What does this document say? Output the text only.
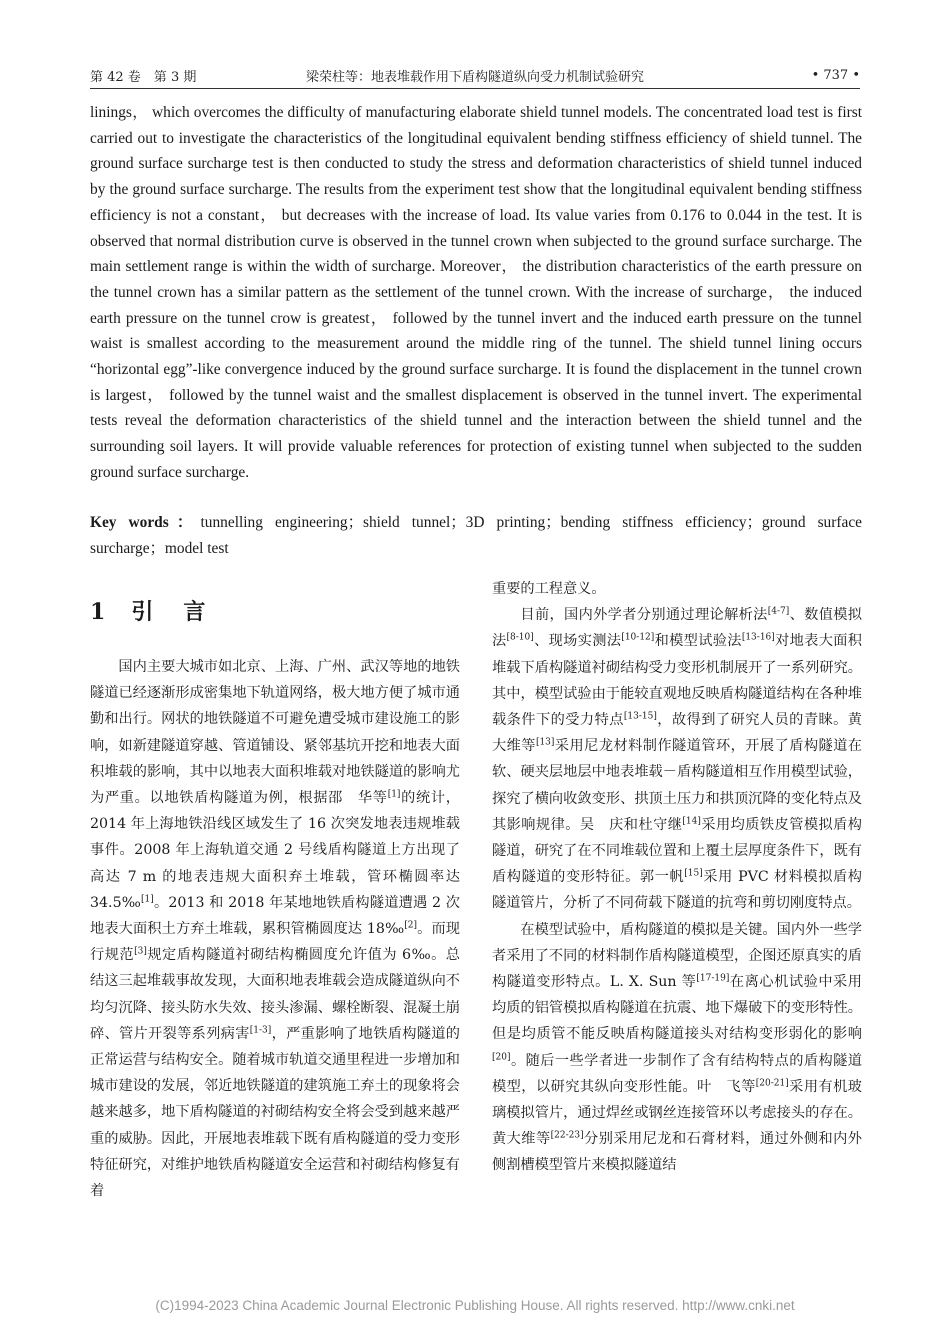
第 42 卷　第 3 期	梁荣柱等：地表堆载作用下盾构隧道纵向受力机制试验研究	• 737 •

linings， which overcomes the difficulty of manufacturing elaborate shield tunnel models. The concentrated load test is first carried out to investigate the characteristics of the longitudinal equivalent bending stiffness efficiency of shield tunnel. The ground surface surcharge test is then conducted to study the stress and deformation characteristics of shield tunnel induced by the ground surface surcharge. The results from the experiment test show that the longitudinal equivalent bending stiffness efficiency is not a constant， but decreases with the increase of load. Its value varies from 0.176 to 0.044 in the test. It is observed that normal distribution curve is observed in the tunnel crown when subjected to the ground surface surcharge. The main settlement range is within the width of surcharge. Moreover， the distribution characteristics of the earth pressure on the tunnel crown has a similar pattern as the settlement of the tunnel crown. With the increase of surcharge， the induced earth pressure on the tunnel crow is greatest， followed by the tunnel invert and the induced earth pressure on the tunnel waist is smallest according to the measurement around the middle ring of the tunnel. The shield tunnel lining occurs “horizontal egg”-like convergence induced by the ground surface surcharge. It is found the displacement in the tunnel crown is largest， followed by the tunnel waist and the smallest displacement is observed in the tunnel invert. The experimental tests reveal the deformation characteristics of the shield tunnel and the interaction between the shield tunnel and the surrounding soil layers. It will provide valuable references for protection of existing tunnel when subjected to the sudden ground surface surcharge.

Key words：tunnelling engineering；shield tunnel；3D printing；bending stiffness efficiency；ground surface surcharge；model test

1 引　言

国内主要大城市如北京、上海、广州、武汉等地的地铁隧道已经逐渐形成密集地下轨道网络，极大地方便了城市通勤和出行。网状的地铁隧道不可避免遭受城市建设施工的影响，如新建隧道穿越、管道铺设、紧邻基坑开挖和地表大面积堆载的影响，其中以地表大面积堆载对地铁隧道的影响尤为严重。以地铁盾构隧道为例，根据邵　华等[1]的统计，2014 年上海地铁沿线区域发生了 16 次突发地表违规堆载事件。2008 年上海轨道交通 2 号线盾构隧道上方出现了高达 7 m 的地表违规大面积弃土堆载，管环椭圆率达 34.5‰[1]。2013 和 2018 年某地地铁盾构隧道遭遇 2 次地表大面积土方弃土堆载，累积管椭圆度达 18‰[2]。而现行规范[3]规定盾构隧道衬砌结构椭圆度允许值为 6‰。总结这三起堆载事故发现，大面积地表堆载会造成隧道纵向不均匀沉降、接头防水失效、接头渗漏、螺栓断裂、混凝土崩碎、管片开裂等系列病害[1-3]，严重影响了地铁盾构隧道的正常运营与结构安全。随着城市轨道交通里程进一步增加和城市建设的发展，邻近地铁隧道的建筑施工弃土的现象将会越来越多，地下盾构隧道的衬砌结构安全将会受到越来越严重的威胁。因此，开展地表堆载下既有盾构隧道的受力变形特征研究，对维护地铁盾构隧道安全运营和衬砌结构修复有着

重要的工程意义。

目前，国内外学者分别通过理论解析法[4-7]、数值模拟法[8-10]、现场实测法[10-12]和模型试验法[13-16]对地表大面积堆载下盾构隧道衬砌结构受力变形机制展开了一系列研究。其中，模型试验由于能较直观地反映盾构隧道结构在各种堆载条件下的受力特点[13-15]，故得到了研究人员的青睐。黄大维等[13]采用尼龙材料制作隧道管环，开展了盾构隧道在软、硬夹层地层中地表堆载－盾构隧道相互作用模型试验，探究了横向收敛变形、拱顶土压力和拱顶沉降的变化特点及其影响规律。吴　庆和杜守继[14]采用均质铁皮管模拟盾构隧道，研究了在不同堆载位置和上覆土层厚度条件下，既有盾构隧道的变形特征。郭一帆[15]采用 PVC 材料模拟盾构隧道管片，分析了不同荷载下隧道的抗弯和剪切刚度特点。

在模型试验中，盾构隧道的模拟是关键。国内外一些学者采用了不同的材料制作盾构隧道模型，企图还原真实的盾构隧道变形特点。L. X. Sun 等[17-19]在离心机试验中采用均质的铝管模拟盾构隧道在抗震、地下爆破下的变形特性。但是均质管不能反映盾构隧道接头对结构变形弱化的影响[20]。随后一些学者进一步制作了含有结构特点的盾构隧道模型，以研究其纵向变形性能。叶　飞等[20-21]采用有机玻璃模拟管片，通过焊丝或钢丝连接管环以考虑接头的存在。黄大维等[22-23]分别采用尼龙和石膏材料，通过外侧和内外侧割槽模型管片来模拟隧道结

(C)1994-2023 China Academic Journal Electronic Publishing House. All rights reserved. http://www.cnki.net
